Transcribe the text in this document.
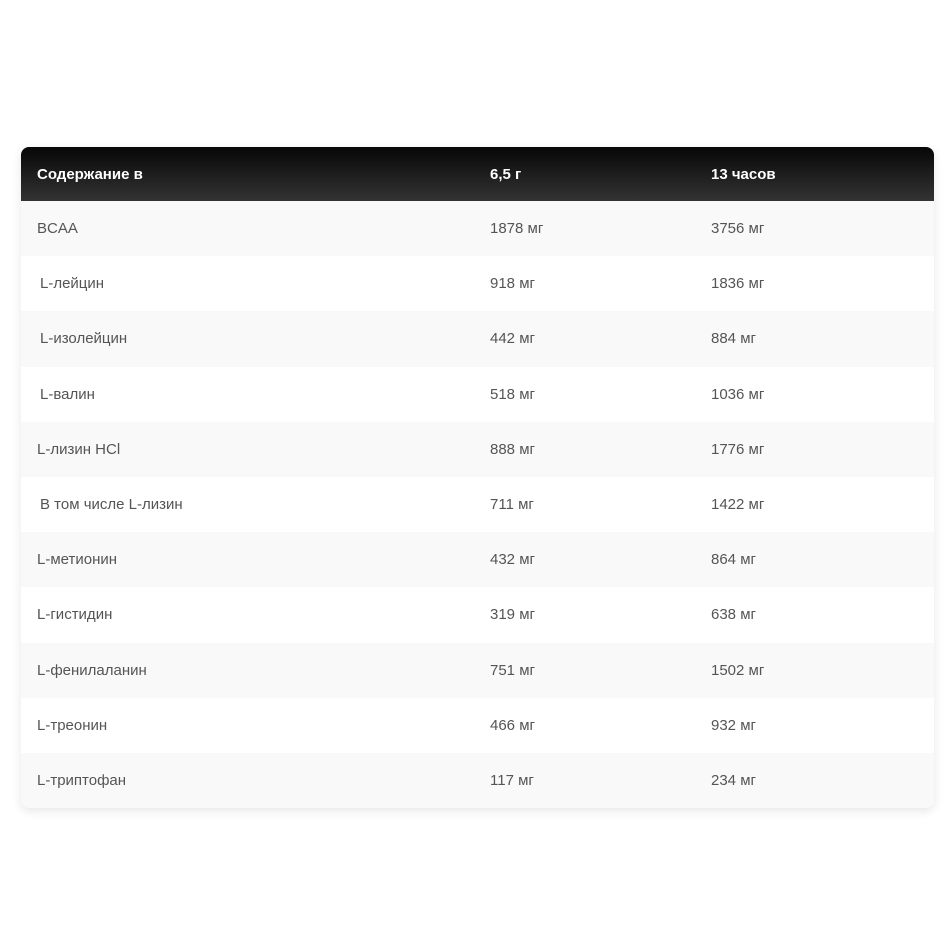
Содержание в	6,5 г	13 часов
BCAA	1878 мг	3756 мг
L-лейцин	918 мг	1836 мг
L-изолейцин	442 мг	884 мг
L-валин	518 мг	1036 мг
L-лизин HCl	888 мг	1776 мг
В том числе L-лизин	711 мг	1422 мг
L-метионин	432 мг	864 мг
L-гистидин	319 мг	638 мг
L-фенилаланин	751 мг	1502 мг
L-треонин	466 мг	932 мг
L-триптофан	117 мг	234 мг
